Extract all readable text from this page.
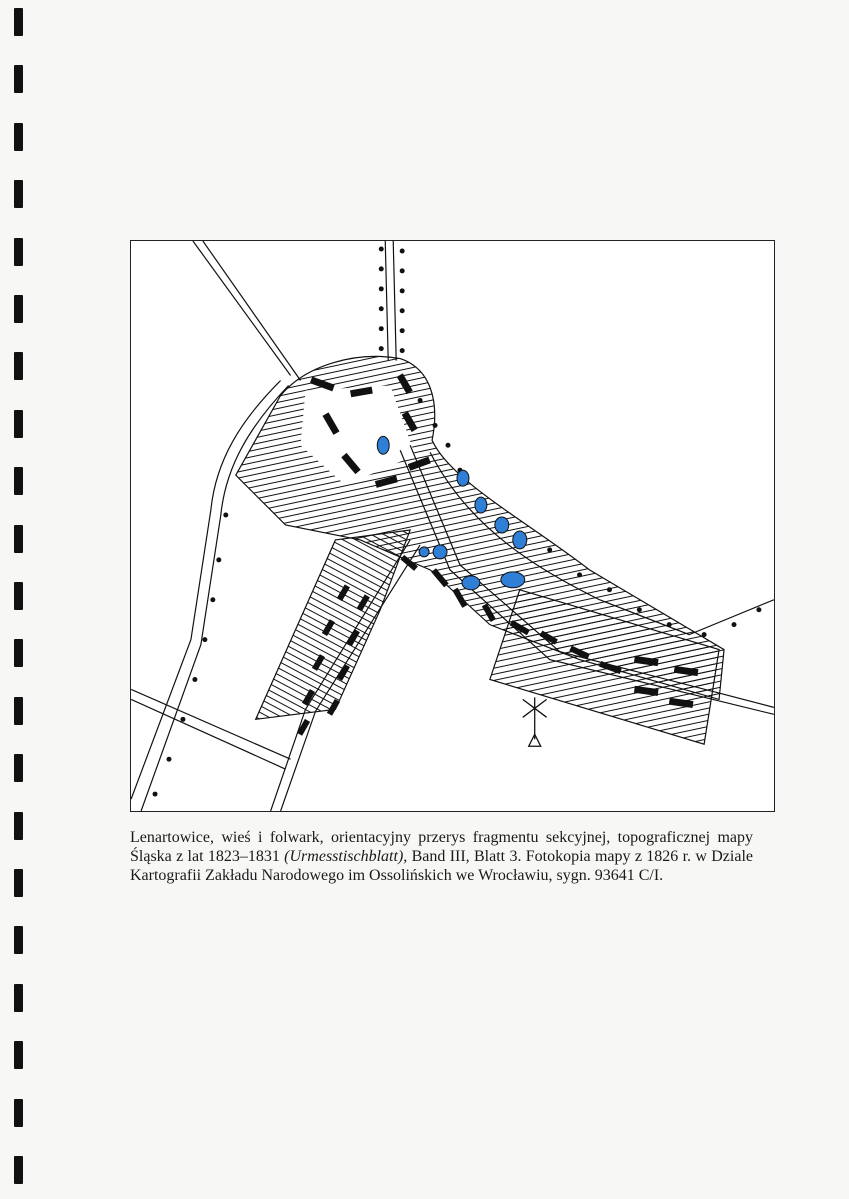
Lenartowice, wieś i folwark, orientacyjny przerys fragmentu sekcyjnej, topograficznej mapy Śląska z lat 1823–1831 (Urmesstischblatt), Band III, Blatt 3. Fotokopia mapy z 1826 r. w Dziale Kartografii Zakładu Narodowego im Ossolińskich we Wrocławiu, sygn. 93641 C/I.
